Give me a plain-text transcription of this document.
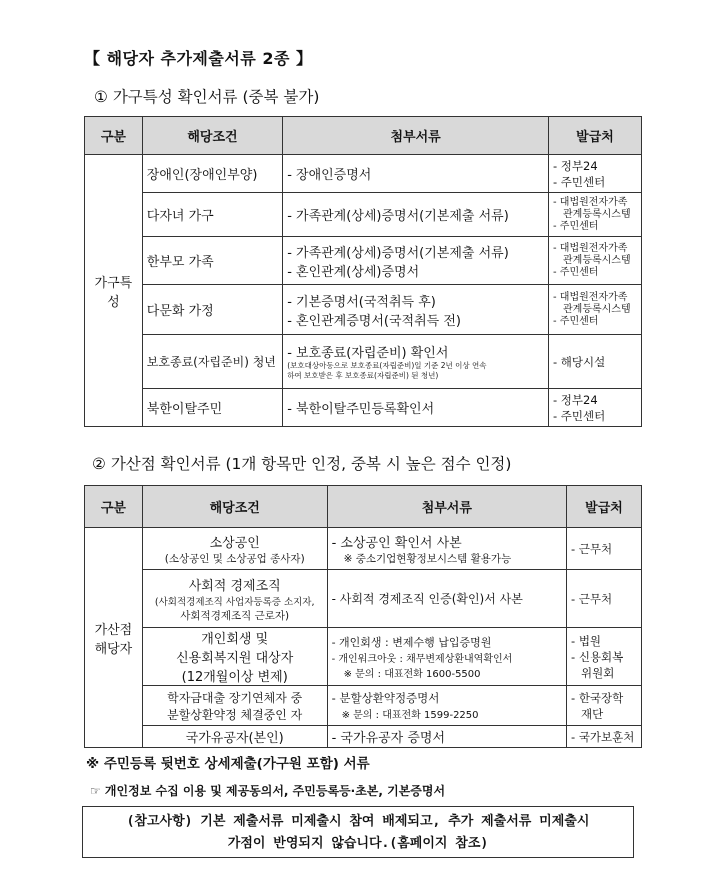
【 해당자 추가제출서류 2종 】
① 가구특성 확인서류 (중복 불가)
구분	해당조건	첨부서류	발급처
가구특성	장애인(장애인부양)	- 장애인증명서	- 정부24
- 주민센터

	다자녀 가구	- 가족관계(상세)증명서(기본제출 서류)	- 대법원전자가족
관계등록시스템
- 주민센터

	한부모 가족	- 가족관계(상세)증명서(기본제출 서류)
- 혼인관계(상세)증명서	- 대법원전자가족
관계등록시스템
- 주민센터

	다문화 가정	- 기본증명서(국적취득 후)
- 혼인관계증명서(국적취득 전)	- 대법원전자가족
관계등록시스템
- 주민센터

	보호종료(자립준비) 청년	- 보호종료(자립준비) 확인서
(보호대상아동으로 보호종료(자립준비)일 기준 2년 이상 연속
하여 보호받은 후 보호종료(자립준비) 된 청년)	- 해당시설

	북한이탈주민	- 북한이탈주민등록확인서	- 정부24
- 주민센터
② 가산점 확인서류 (1개 항목만 인정, 중복 시 높은 점수 인정)
구분	해당조건	첨부서류	발급처

가산점
해당자	소상공인
(소상공인 및 소상공업 종사자)	- 소상공인 확인서 사본
※ 중소기업현황정보시스템 활용가능	- 근무처

	사회적 경제조직
(사회적경제조직 사업자등록증 소지자,
사회적경제조직 근로자)	- 사회적 경제조직 인증(확인)서 사본	- 근무처

	개인회생 및
신용회복지원 대상자
(12개월이상 변제)	- 개인회생 : 변제수행 납입증명원
- 개인워크아웃 : 채무변제상환내역확인서
※ 문의 : 대표전화 1600-5500	- 법원
- 신용회복
위원회

	학자금대출 장기연체자 중
분할상환약정 체결중인 자	- 분할상환약정증명서
※ 문의 : 대표전화 1599-2250	- 한국장학
재단

	국가유공자(본인)	- 국가유공자 증명서	- 국가보훈처
※ 주민등록 뒷번호 상세제출(가구원 포함) 서류
☞ 개인정보 수집 이용 및 제공동의서, 주민등록등·초본, 기본증명서
(참고사항) 기본 제출서류 미제출시 참여 배제되고, 추가 제출서류 미제출시
가점이 반영되지 않습니다.(홈페이지 참조)
